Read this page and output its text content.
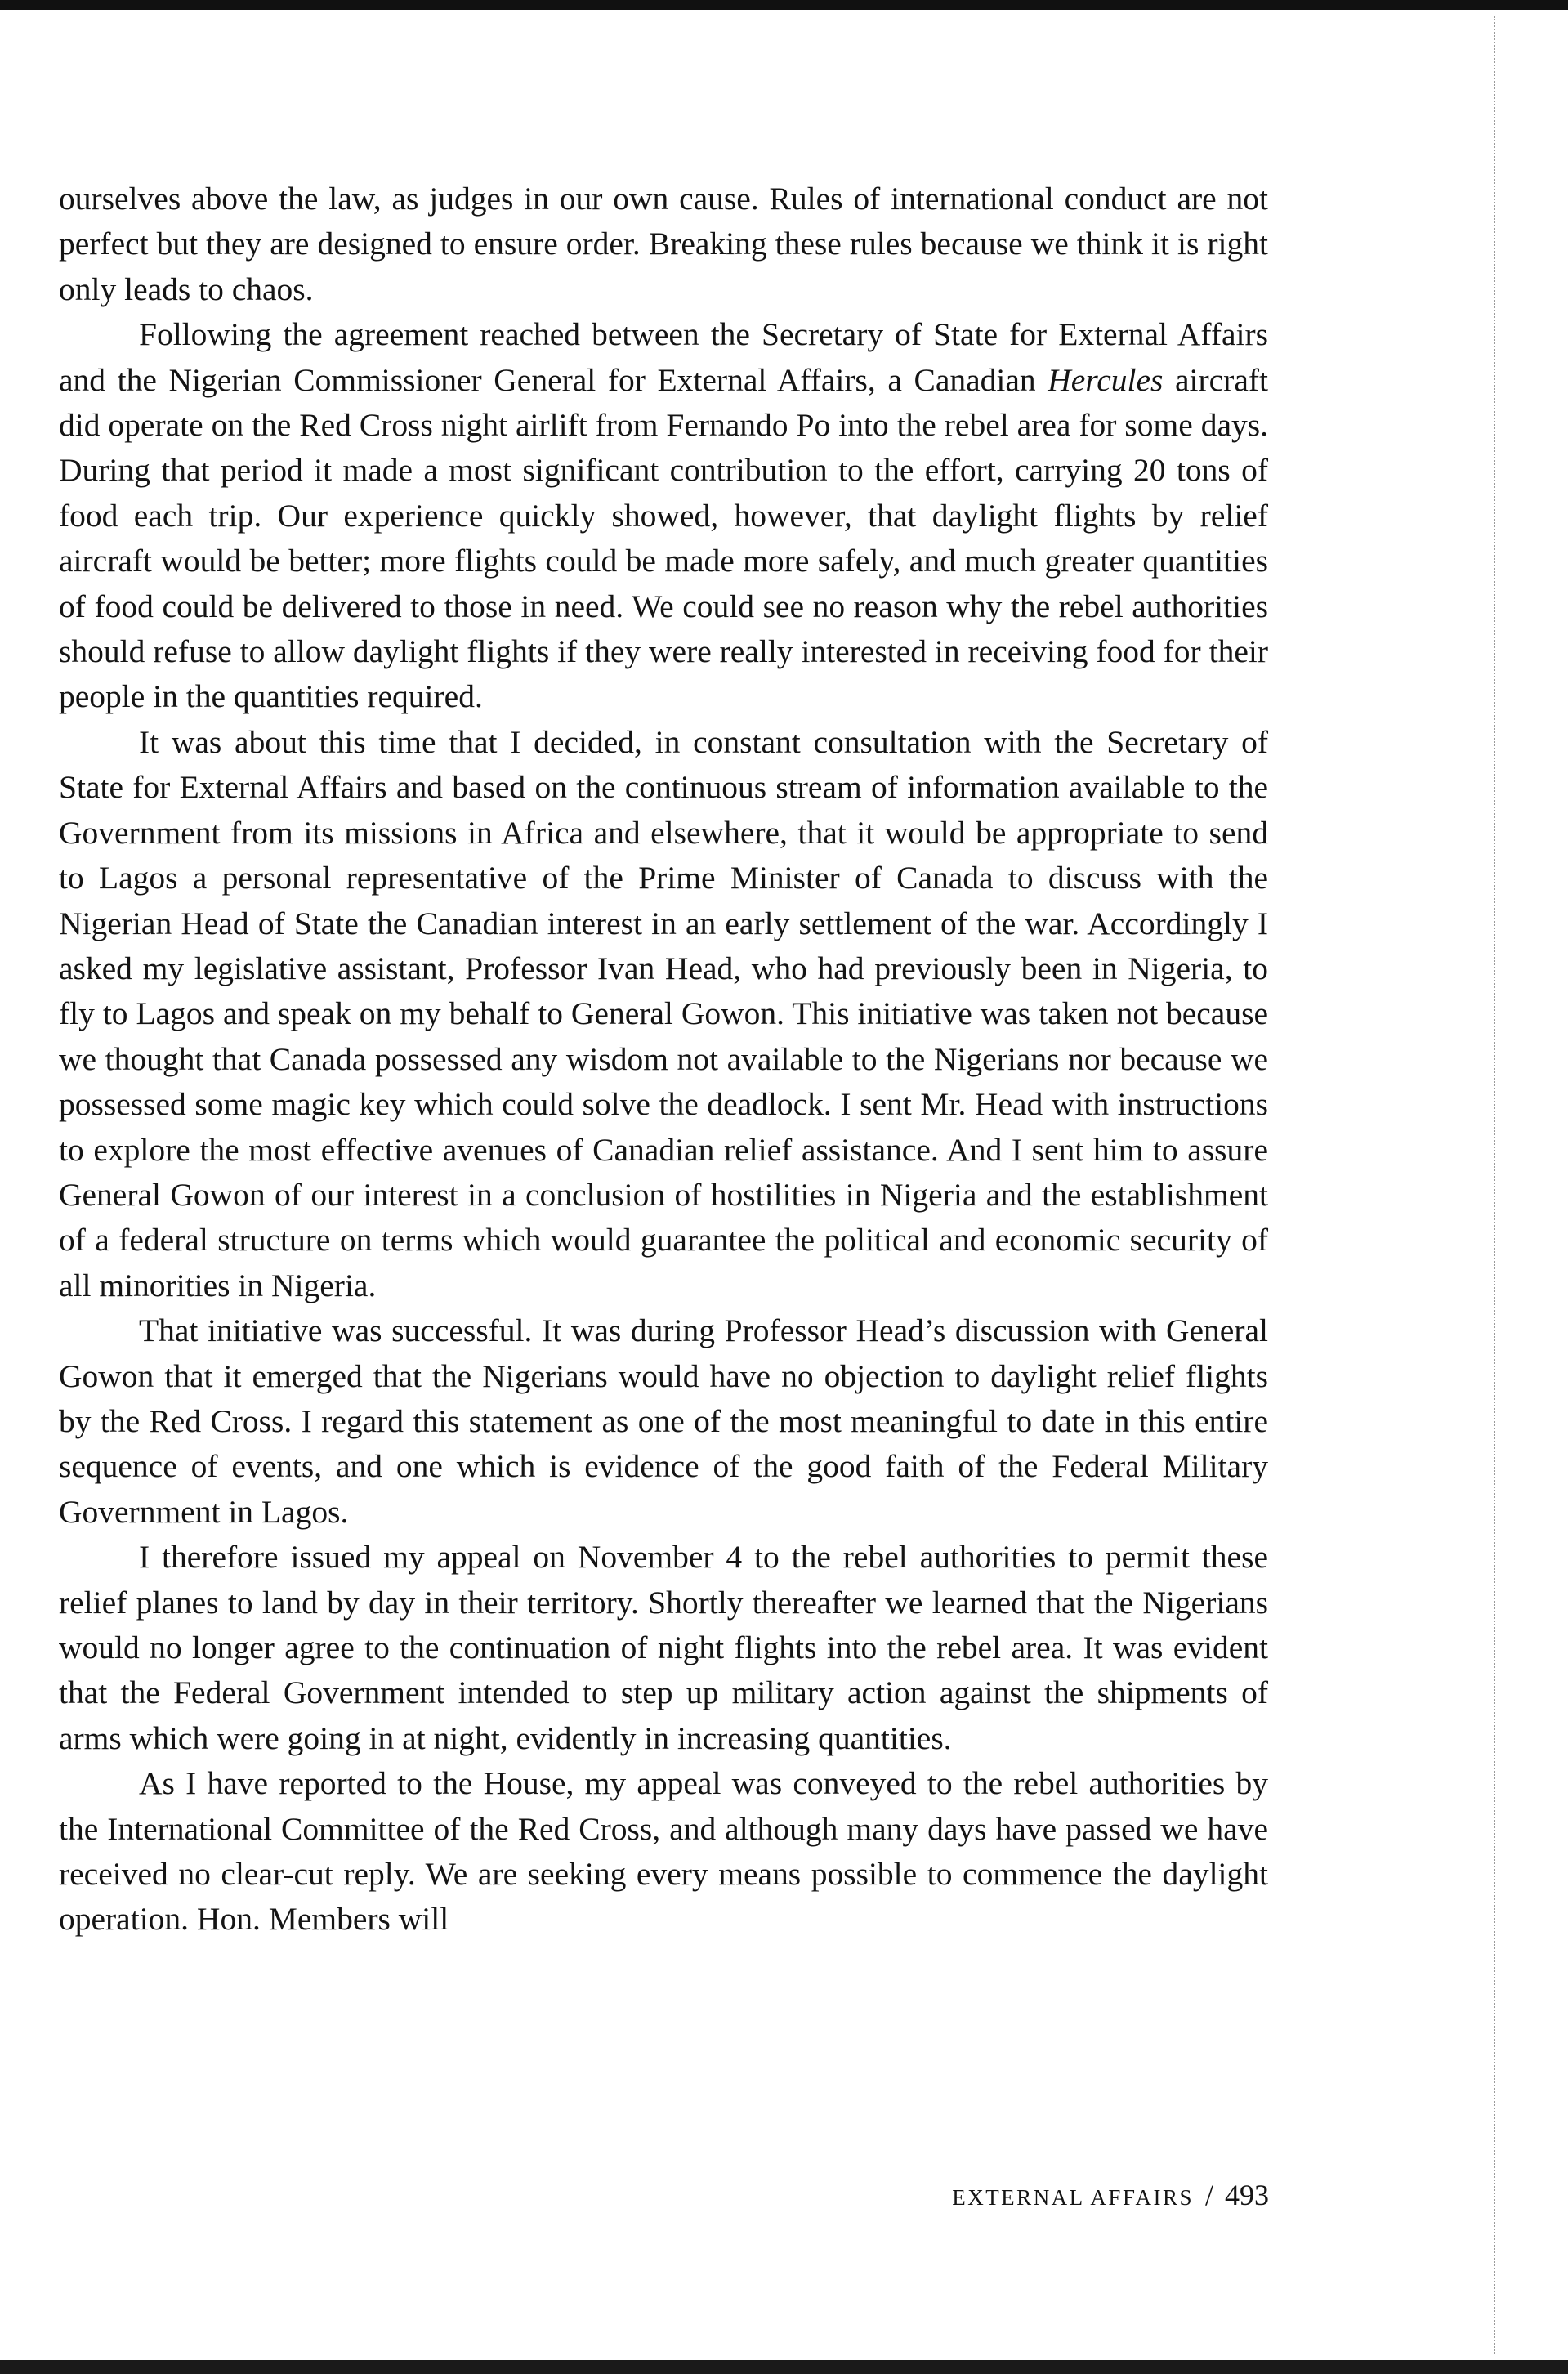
ourselves above the law, as judges in our own cause. Rules of international conduct are not perfect but they are designed to ensure order. Breaking these rules because we think it is right only leads to chaos.

Following the agreement reached between the Secretary of State for External Affairs and the Nigerian Commissioner General for External Affairs, a Canadian Hercules aircraft did operate on the Red Cross night airlift from Fernando Po into the rebel area for some days. During that period it made a most significant contribution to the effort, carrying 20 tons of food each trip. Our experience quickly showed, however, that daylight flights by relief aircraft would be better; more flights could be made more safely, and much greater quantities of food could be delivered to those in need. We could see no reason why the rebel authorities should refuse to allow daylight flights if they were really interested in receiving food for their people in the quantities required.

It was about this time that I decided, in constant consultation with the Secretary of State for External Affairs and based on the continuous stream of information available to the Government from its missions in Africa and elsewhere, that it would be appropriate to send to Lagos a personal representative of the Prime Minister of Canada to discuss with the Nigerian Head of State the Canadian interest in an early settlement of the war. Accordingly I asked my legislative assistant, Professor Ivan Head, who had previously been in Nigeria, to fly to Lagos and speak on my behalf to General Gowon. This initiative was taken not because we thought that Canada possessed any wisdom not available to the Nigerians nor because we possessed some magic key which could solve the deadlock. I sent Mr. Head with instructions to explore the most effective avenues of Canadian relief assistance. And I sent him to assure General Gowon of our interest in a conclusion of hostilities in Nigeria and the establishment of a federal structure on terms which would guarantee the political and economic security of all minorities in Nigeria.

That initiative was successful. It was during Professor Head’s discussion with General Gowon that it emerged that the Nigerians would have no objection to daylight relief flights by the Red Cross. I regard this statement as one of the most meaningful to date in this entire sequence of events, and one which is evidence of the good faith of the Federal Military Government in Lagos.

I therefore issued my appeal on November 4 to the rebel authorities to permit these relief planes to land by day in their territory. Shortly thereafter we learned that the Nigerians would no longer agree to the continuation of night flights into the rebel area. It was evident that the Federal Government intended to step up military action against the shipments of arms which were going in at night, evidently in increasing quantities.

As I have reported to the House, my appeal was conveyed to the rebel authorities by the International Committee of the Red Cross, and although many days have passed we have received no clear-cut reply. We are seeking every means possible to commence the daylight operation. Hon. Members will

EXTERNAL AFFAIRS / 493
